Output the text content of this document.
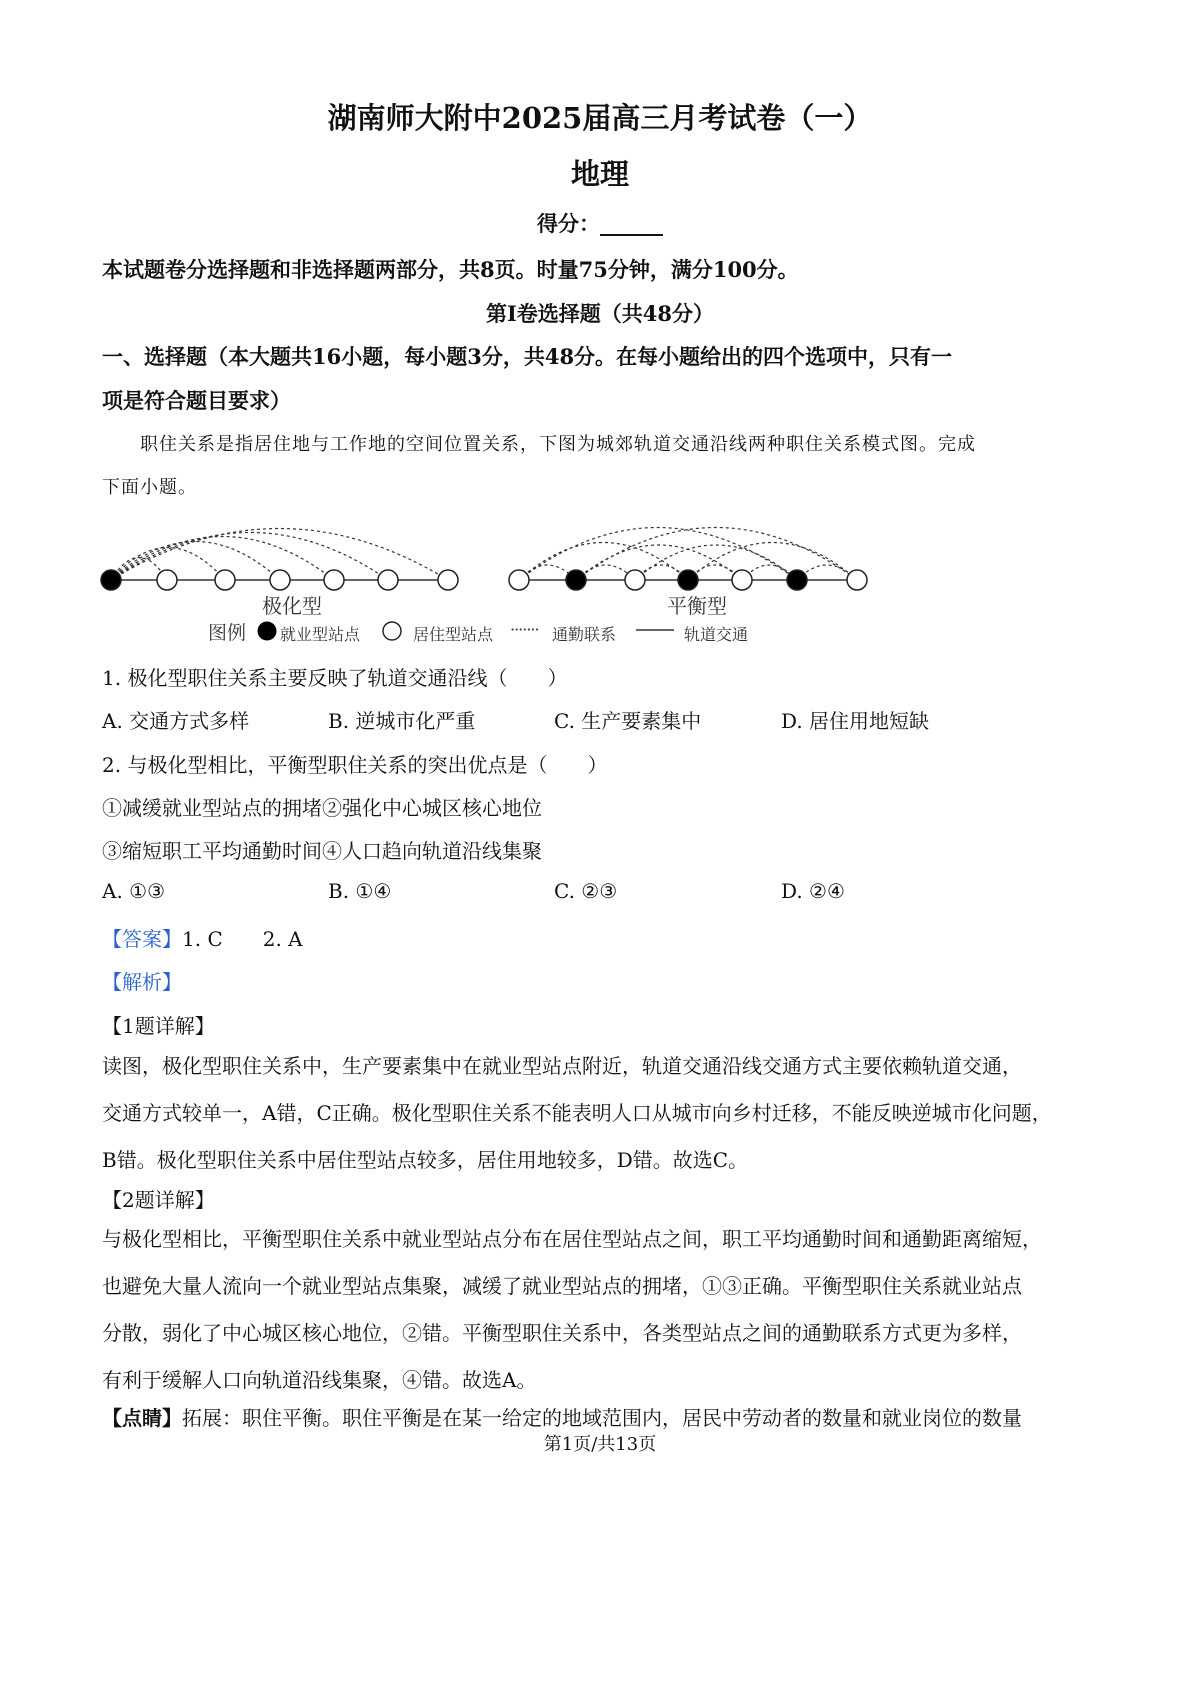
湖南师大附中2025届高三月考试卷（一）
地理
得分：______
本试题卷分选择题和非选择题两部分，共8页。时量75分钟，满分100分。
第Ⅰ卷选择题（共48分）
一、选择题（本大题共16小题，每小题3分，共48分。在每小题给出的四个选项中，只有一
项是符合题目要求）
职住关系是指居住地与工作地的空间位置关系，下图为城郊轨道交通沿线两种职住关系模式图。完成
下面小题。
极化型	平衡型
图例 就业型站点	居住型站点 ······· 通勤联系	轨道交通
1. 极化型职住关系主要反映了轨道交通沿线（　　）
A. 交通方式多样	B. 逆城市化严重	C. 生产要素集中	D. 居住用地短缺
2. 与极化型相比，平衡型职住关系的突出优点是（　　）
①减缓就业型站点的拥堵②强化中心城区核心地位
③缩短职工平均通勤时间④人口趋向轨道沿线集聚
A. ①③	B. ①④	C. ②③	D. ②④
【答案】1. C　　2. A
【解析】
【1题详解】
读图，极化型职住关系中，生产要素集中在就业型站点附近，轨道交通沿线交通方式主要依赖轨道交通，
交通方式较单一，A错，C正确。极化型职住关系不能表明人口从城市向乡村迁移，不能反映逆城市化问题，
B错。极化型职住关系中居住型站点较多，居住用地较多，D错。故选C。
【2题详解】
与极化型相比，平衡型职住关系中就业型站点分布在居住型站点之间，职工平均通勤时间和通勤距离缩短，
也避免大量人流向一个就业型站点集聚，减缓了就业型站点的拥堵，①③正确。平衡型职住关系就业站点
分散，弱化了中心城区核心地位，②错。平衡型职住关系中，各类型站点之间的通勤联系方式更为多样，
有利于缓解人口向轨道沿线集聚，④错。故选A。
【点睛】拓展：职住平衡。职住平衡是在某一给定的地域范围内，居民中劳动者的数量和就业岗位的数量
第1页/共13页
